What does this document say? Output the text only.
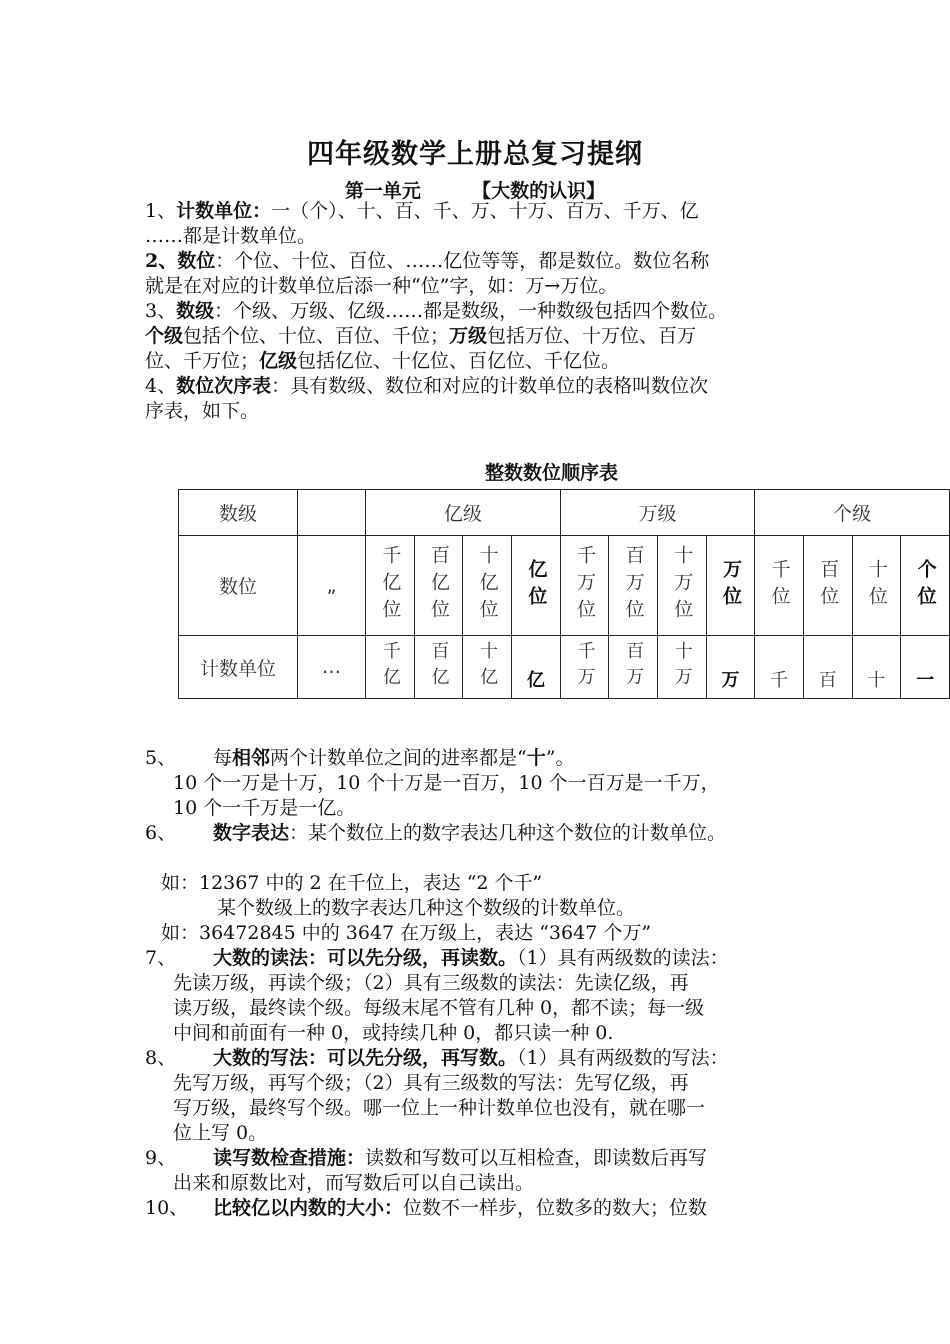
四年级数学上册总复习提纲
第一单元	【大数的认识】
1、计数单位：一（个）、十、百、千、万、十万、百万、千万、亿
……都是计数单位。
2、数位：个位、十位、百位、……亿位等等，都是数位。数位名称
就是在对应的计数单位后添一种“位”字，如：万→万位。
3、数级：个级、万级、亿级……都是数级，一种数级包括四个数位。
个级包括个位、十位、百位、千位；万级包括万位、十万位、百万
位、千万位；亿级包括亿位、十亿位、百亿位、千亿位。
4、数位次序表：具有数级、数位和对应的计数单位的表格叫数位次
序表，如下。
整数数位顺序表
数级		亿级				万级				个级			
数位	„	千亿位	百亿位	十亿位	亿位	千万位	百万位	十万位	万位	千位	百位	十位	个位
计数单位	…	千亿	百亿	十亿	亿	千万	百万	十万	万	千	百	十	一
5、 每相邻两个计数单位之间的进率都是“十”。
10 个一万是十万，10 个十万是一百万，10 个一百万是一千万，
10 个一千万是一亿。
6、 数字表达：某个数位上的数字表达几种这个数位的计数单位。
如：12367 中的 2 在千位上，表达 “2 个千”
某个数级上的数字表达几种这个数级的计数单位。
如：36472845 中的 3647 在万级上，表达 “3647 个万”
7、 大数的读法：可以先分级，再读数。（1）具有两级数的读法：
先读万级，再读个级；（2）具有三级数的读法：先读亿级，再
读万级，最终读个级。每级末尾不管有几种 0，都不读；每一级
中间和前面有一种 0，或持续几种 0，都只读一种 0.
8、 大数的写法：可以先分级，再写数。（1）具有两级数的写法：
先写万级，再写个级；（2）具有三级数的写法：先写亿级，再
写万级，最终写个级。哪一位上一种计数单位也没有，就在哪一
位上写 0。
9、 读写数检查措施：读数和写数可以互相检查，即读数后再写
出来和原数比对，而写数后可以自己读出。
10、 比较亿以内数的大小：位数不一样步，位数多的数大；位数
